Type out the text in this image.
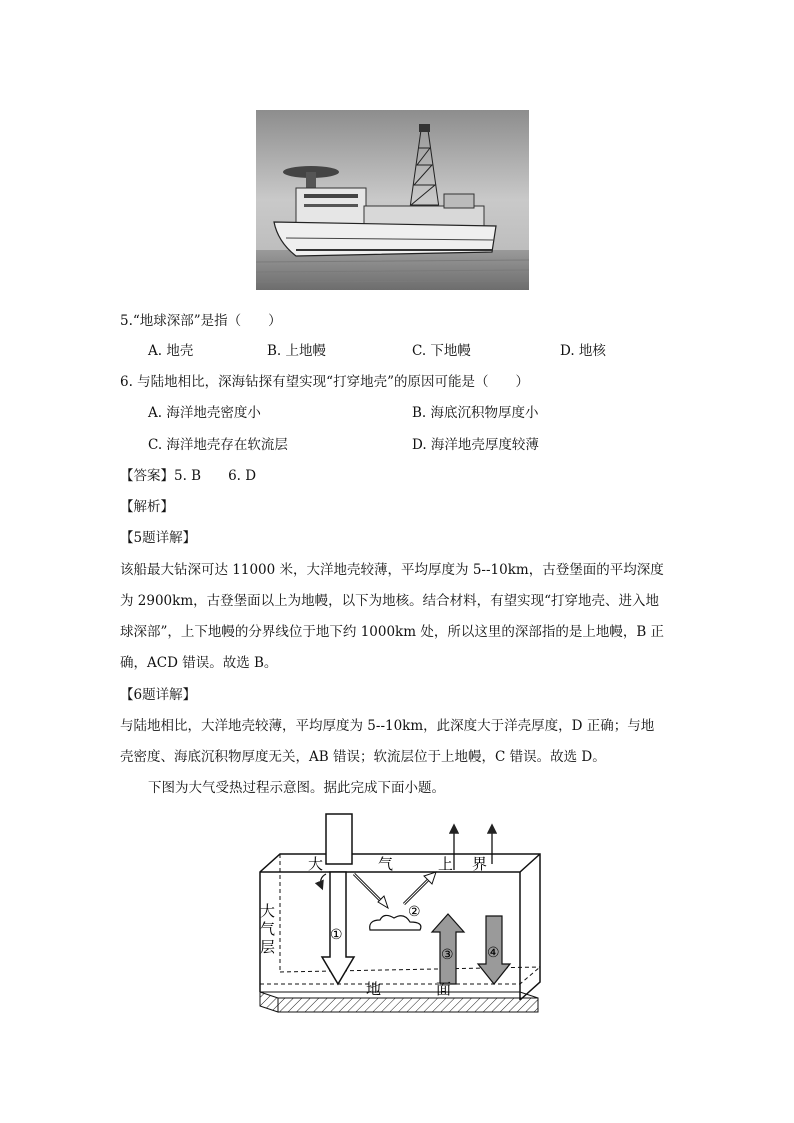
5.“地球深部”是指（　　）
A. 地壳	B. 上地幔	C. 下地幔	D. 地核
6. 与陆地相比，深海钻探有望实现“打穿地壳”的原因可能是（　　）
A. 海洋地壳密度小	B. 海底沉积物厚度小
C. 海洋地壳存在软流层	D. 海洋地壳厚度较薄
【答案】5. B　　6. D
【解析】
【5题详解】
该船最大钻深可达 11000 米，大洋地壳较薄，平均厚度为 5--10km，古登堡面的平均深度
为 2900km，古登堡面以上为地幔，以下为地核。结合材料，有望实现“打穿地壳、进入地
球深部”，上下地幔的分界线位于地下约 1000km 处，所以这里的深部指的是上地幔，B 正
确，ACD 错误。故选 B。
【6题详解】
与陆地相比，大洋地壳较薄，平均厚度为 5--10km，此深度大于洋壳厚度，D 正确；与地
壳密度、海底沉积物厚度无关，AB 错误；软流层位于上地幔，C 错误。故选 D。
下图为大气受热过程示意图。据此完成下面小题。
大	气	上 界
大
气
层
地	面
①
②
③ ④
